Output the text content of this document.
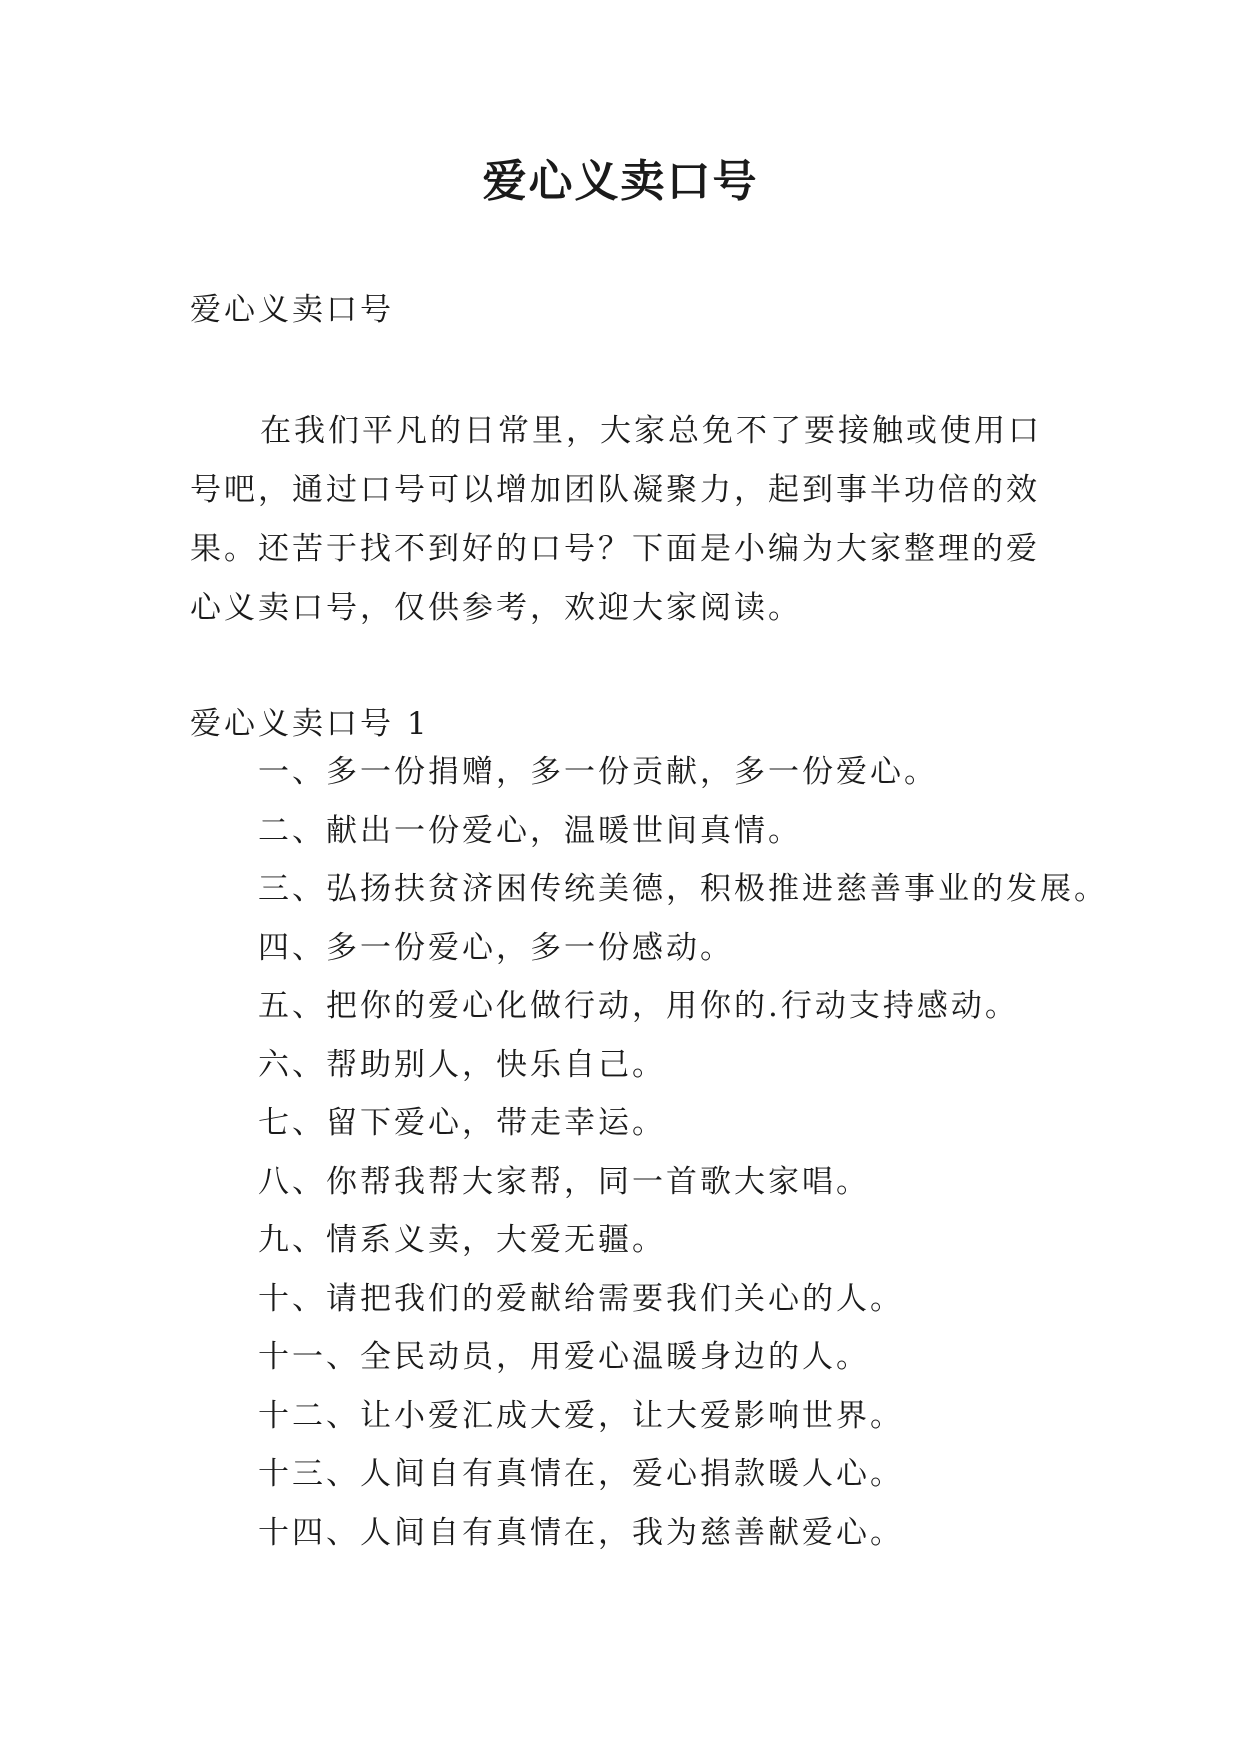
爱心义卖口号

爱心义卖口号

在我们平凡的日常里，大家总免不了要接触或使用口号吧，通过口号可以增加团队凝聚力，起到事半功倍的效果。还苦于找不到好的口号？下面是小编为大家整理的爱心义卖口号，仅供参考，欢迎大家阅读。

爱心义卖口号 1

一、多一份捐赠，多一份贡献，多一份爱心。
二、献出一份爱心，温暖世间真情。
三、弘扬扶贫济困传统美德，积极推进慈善事业的发展。
四、多一份爱心，多一份感动。
五、把你的爱心化做行动，用你的.行动支持感动。
六、帮助别人，快乐自己。
七、留下爱心，带走幸运。
八、你帮我帮大家帮，同一首歌大家唱。
九、情系义卖，大爱无疆。
十、请把我们的爱献给需要我们关心的人。
十一、全民动员，用爱心温暖身边的人。
十二、让小爱汇成大爱，让大爱影响世界。
十三、人间自有真情在，爱心捐款暖人心。
十四、人间自有真情在，我为慈善献爱心。
